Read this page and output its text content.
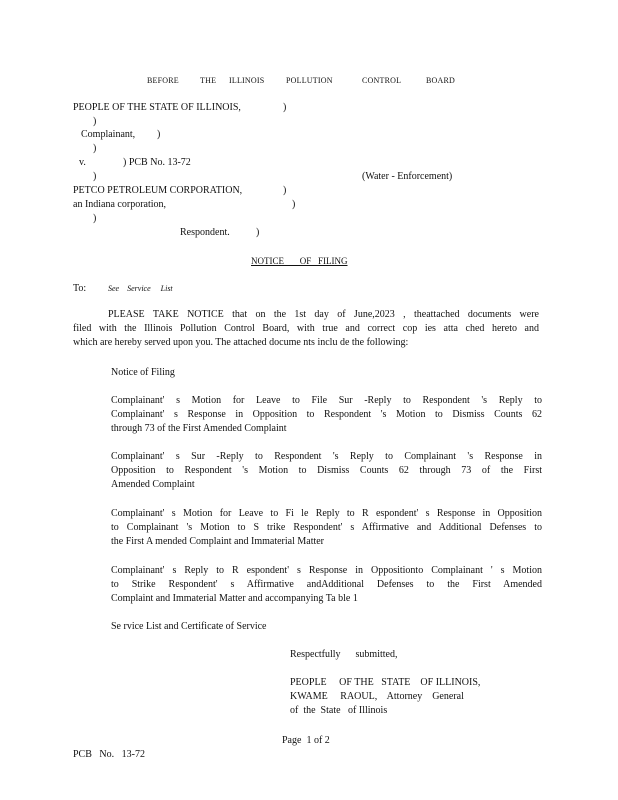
BEFORE	THE ILLINOIS	POLLUTION	CONTROL	BOARD
PEOPLE OF THE STATE OF ILLINOIS,	)
)
Complainant, )
)
v.	) PCB No. 13-72
)	(Water - Enforcement)
PETCO PETROLEUM CORPORATION,	)
an Indiana corporation,	)
)
Respondent.	)
NOTICE       OF   FILING
To:	See    Service     List
PLEASE TAKE NOTICE that on the 1st day of June,2023 , theattached documents were
filed with the Illinois Pollution Control Board, with true and correct cop ies atta ched hereto and
which are hereby served upon you. The attached docume nts inclu de the following:
Notice of Filing
Complainant' s Motion for Leave to File Sur -Reply to Respondent 's Reply to
Complainant' s Response in Opposition to Respondent 's Motion to Dismiss Counts 62
through 73 of the First Amended Complaint
Complainant' s Sur -Reply to Respondent 's Reply to Complainant 's Response in
Opposition to Respondent 's Motion to Dismiss Counts 62 through 73 of the First
Amended Complaint
Complainant' s Motion for Leave to Fi le Reply to R espondent' s Response in Opposition
to Complainant 's Motion to S trike Respondent' s Affirmative and Additional Defenses to
the First A mended Complaint and Immaterial Matter
Complainant' s Reply to R espondent' s Response in Oppositionto Complainant ' s Motion
to Strike Respondent' s Affirmative andAdditional Defenses to the First Amended
Complaint and Immaterial Matter and accompanying Ta ble 1
Se rvice List and Certificate of Service
Respectfully      submitted,
PEOPLE     OF THE   STATE    OF ILLINOIS,
KWAME     RAOUL,    Attorney    General
of  the  State   of Illinois
Page  1 of 2
PCB   No.   13-72
